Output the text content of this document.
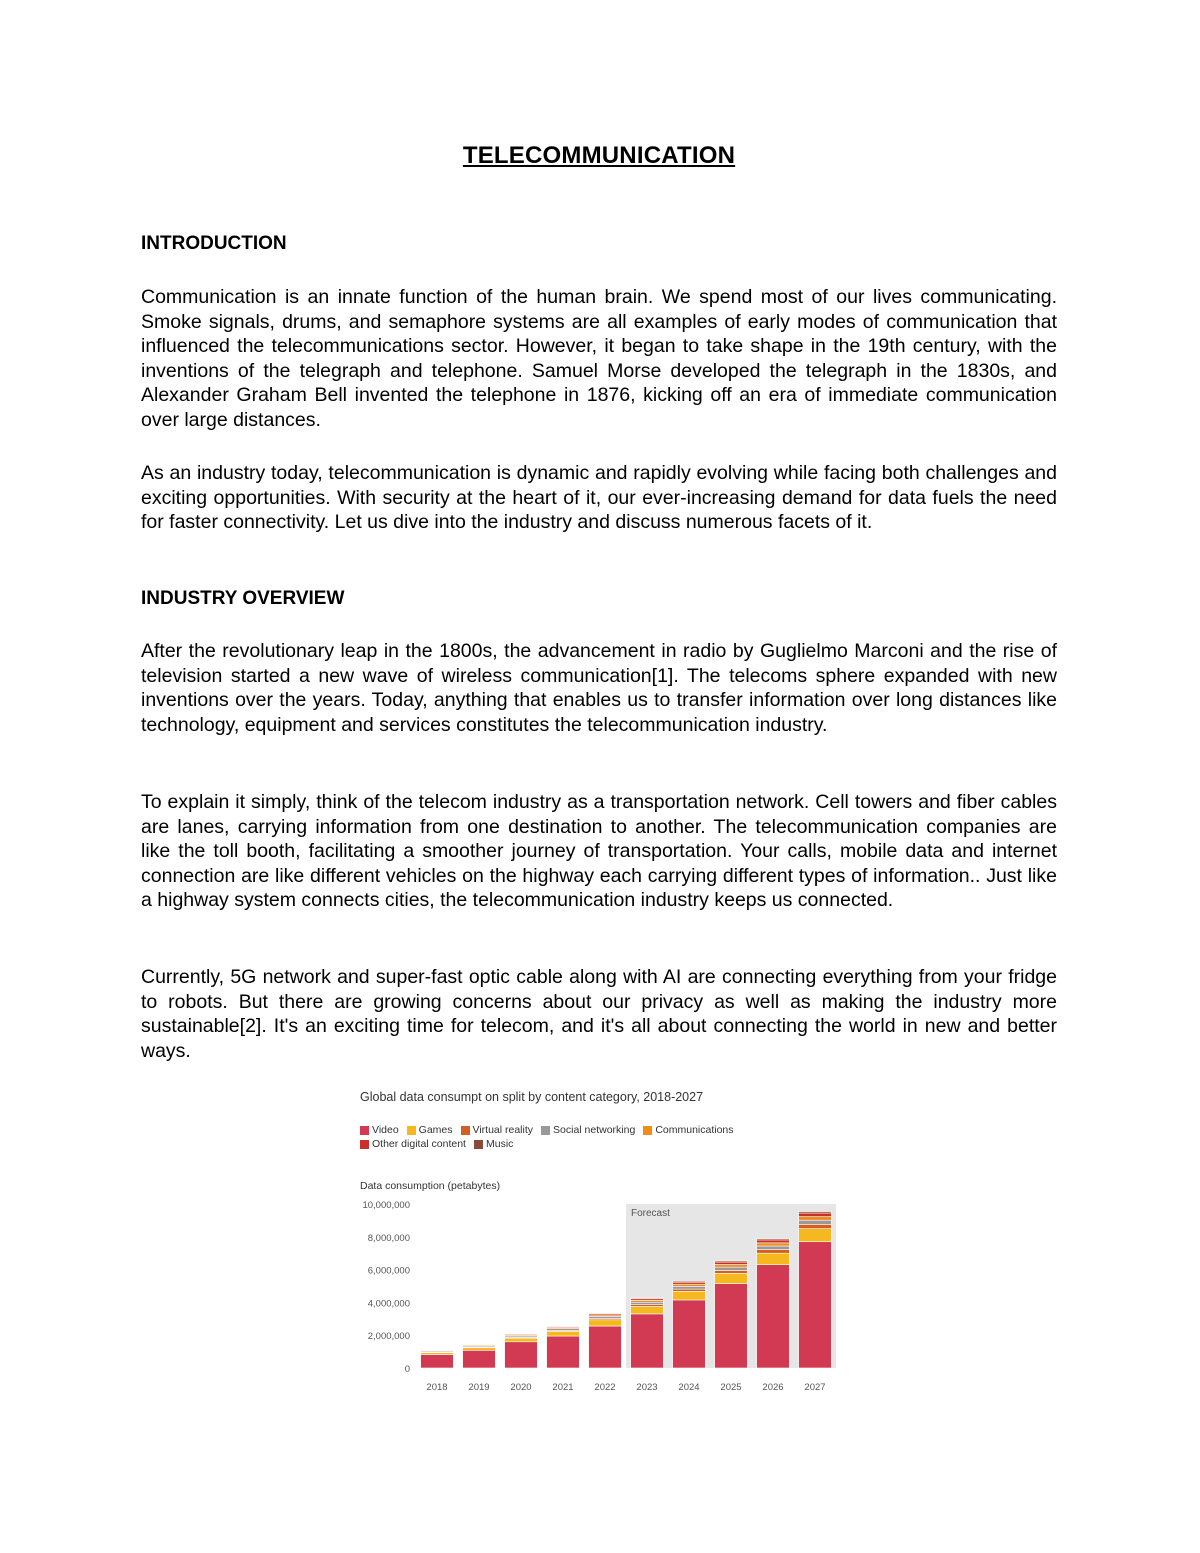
TELECOMMUNICATION
INTRODUCTION

Communication is an innate function of the human brain. We spend most of our lives communicating. Smoke signals, drums, and semaphore systems are all examples of early modes of communication that influenced the telecommunications sector. However, it began to take shape in the 19th century, with the inventions of the telegraph and telephone. Samuel Morse developed the telegraph in the 1830s, and Alexander Graham Bell invented the telephone in 1876, kicking off an era of immediate communication over large distances.

As an industry today, telecommunication is dynamic and rapidly evolving while facing both challenges and exciting opportunities. With security at the heart of it, our ever-increasing demand for data fuels the need for faster connectivity. Let us dive into the industry and discuss numerous facets of it.

INDUSTRY OVERVIEW

After the revolutionary leap in the 1800s, the advancement in radio by Guglielmo Marconi and the rise of television started a new wave of wireless communication[1]. The telecoms sphere expanded with new inventions over the years. Today, anything that enables us to transfer information over long distances like technology, equipment and services constitutes the telecommunication industry.

To explain it simply, think of the telecom industry as a transportation network. Cell towers and fiber cables are lanes, carrying information from one destination to another. The telecommunication companies are like the toll booth, facilitating a smoother journey of transportation. Your calls, mobile data and internet connection are like different vehicles on the highway each carrying different types of information.. Just like a highway system connects cities, the telecommunication industry keeps us connected.

Currently, 5G network and super-fast optic cable along with AI are connecting everything from your fridge to robots. But there are growing concerns about our privacy as well as making the industry more sustainable[2]. It's an exciting time for telecom, and it's all about connecting the world in new and better ways.

Global data consumpt on split by content category, 2018-2027

Video Games Virtual reality Social networking Communications

Other digital content Music

Data consumption (petabytes)

Forecast
0
2,000,000
4,000,000
6,000,000
8,000,000
10,000,000
2018 2019 2020 2021 2022 2023 2024 2025 2026 2027
